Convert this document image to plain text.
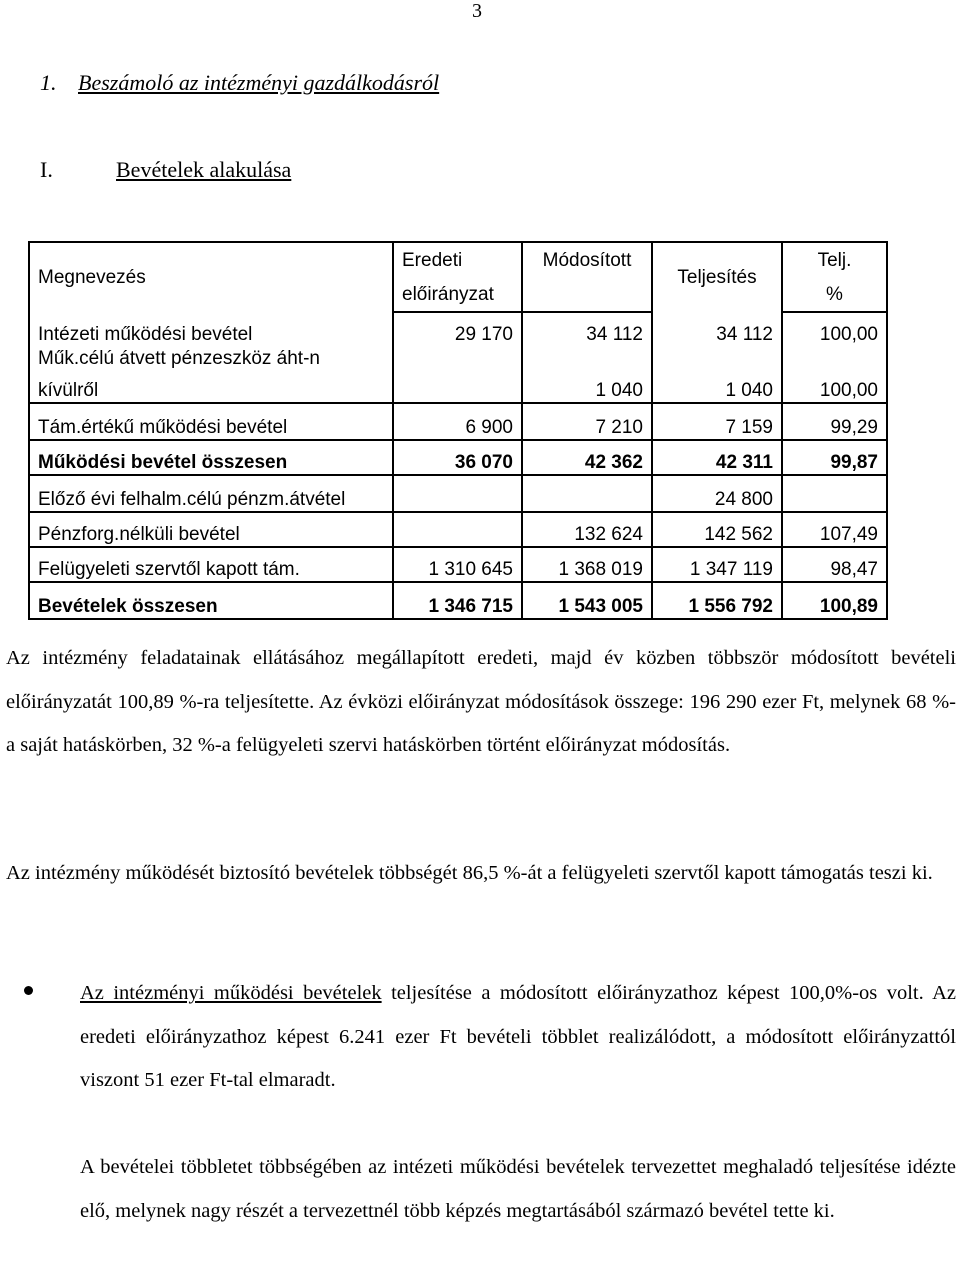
3
1. Beszámoló az intézményi gazdálkodásról
I.	Bevételek alakulása
Megnevezés	Eredeti	Módosított	Teljesítés	Telj.
	előirányzat			%
Intézeti működési bevétel	29 170	34 112	34 112	100,00
Műk.célú átvett pénzeszköz áht-n				
kívülről		1 040	1 040	100,00
Tám.értékű működési bevétel	6 900	7 210	7 159	99,29
Működési bevétel összesen	36 070	42 362	42 311	99,87
Előző évi felhalm.célú pénzm.átvétel			24 800	
Pénzforg.nélküli bevétel		132 624	142 562	107,49
Felügyeleti szervtől kapott tám.	1 310 645	1 368 019	1 347 119	98,47
Bevételek összesen	1 346 715	1 543 005	1 556 792	100,89
Az intézmény feladatainak ellátásához megállapított eredeti, majd év közben többször módosított bevételi előirányzatát 100,89 %-ra teljesítette. Az évközi előirányzat módosítások összege: 196 290 ezer Ft, melynek 68 %-a saját hatáskörben, 32 %-a felügyeleti szervi hatáskörben történt előirányzat módosítás.
Az intézmény működését biztosító bevételek többségét 86,5 %-át a felügyeleti szervtől kapott támogatás teszi ki.
Az intézményi működési bevételek teljesítése a módosított előirányzathoz képest 100,0%-os volt. Az eredeti előirányzathoz képest 6.241 ezer Ft bevételi többlet realizálódott, a módosított előirányzattól viszont 51 ezer Ft-tal elmaradt.
A bevételei többletet többségében az intézeti működési bevételek tervezettet meghaladó teljesítése idézte elő, melynek nagy részét a tervezettnél több képzés megtartásából származó bevétel tette ki.
